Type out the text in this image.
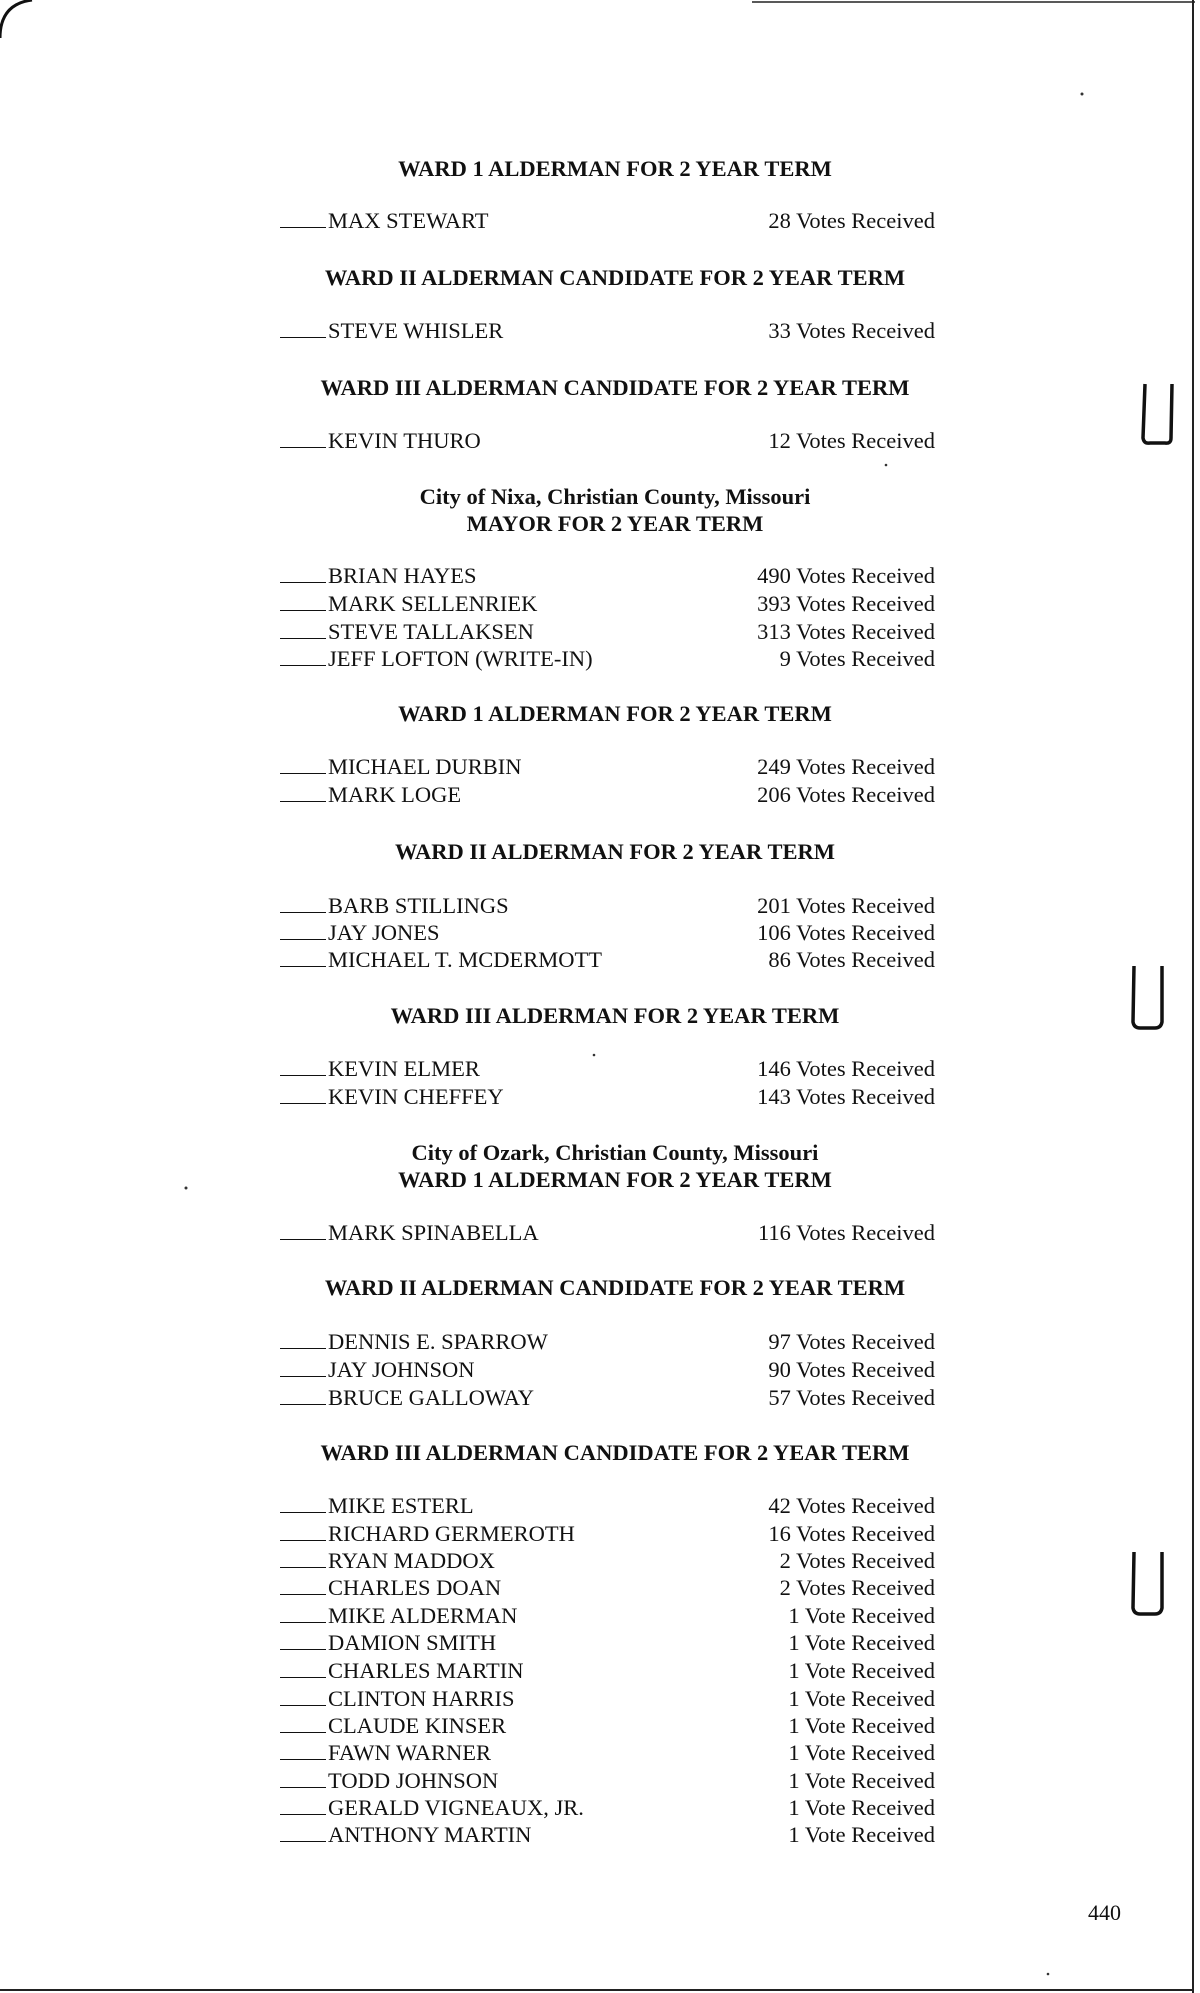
WARD 1 ALDERMAN FOR 2 YEAR TERM
MAX STEWART	28 Votes Received
WARD II ALDERMAN CANDIDATE FOR 2 YEAR TERM
STEVE WHISLER	33 Votes Received
WARD III ALDERMAN CANDIDATE FOR 2 YEAR TERM
KEVIN THURO	12 Votes Received
City of Nixa, Christian County, Missouri
MAYOR FOR 2 YEAR TERM
BRIAN HAYES	490 Votes Received
MARK SELLENRIEK	393 Votes Received
STEVE TALLAKSEN	313 Votes Received
JEFF LOFTON (WRITE-IN)	9 Votes Received
WARD 1 ALDERMAN FOR 2 YEAR TERM
MICHAEL DURBIN	249 Votes Received
MARK LOGE	206 Votes Received
WARD II ALDERMAN FOR 2 YEAR TERM
BARB STILLINGS	201 Votes Received
JAY JONES	106 Votes Received
MICHAEL T. MCDERMOTT	86 Votes Received
WARD III ALDERMAN FOR 2 YEAR TERM
KEVIN ELMER	146 Votes Received
KEVIN CHEFFEY	143 Votes Received
City of Ozark, Christian County, Missouri
WARD 1 ALDERMAN FOR 2 YEAR TERM
MARK SPINABELLA	116 Votes Received
WARD II ALDERMAN CANDIDATE FOR 2 YEAR TERM
DENNIS E. SPARROW	97 Votes Received
JAY JOHNSON	90 Votes Received
BRUCE GALLOWAY	57 Votes Received
WARD III ALDERMAN CANDIDATE FOR 2 YEAR TERM
MIKE ESTERL	42 Votes Received
RICHARD GERMEROTH	16 Votes Received
RYAN MADDOX	2 Votes Received
CHARLES DOAN	2 Votes Received
MIKE ALDERMAN	1 Vote Received
DAMION SMITH	1 Vote Received
CHARLES MARTIN	1 Vote Received
CLINTON HARRIS	1 Vote Received
CLAUDE KINSER	1 Vote Received
FAWN WARNER	1 Vote Received
TODD JOHNSON	1 Vote Received
GERALD VIGNEAUX, JR.	1 Vote Received
ANTHONY MARTIN	1 Vote Received
440
